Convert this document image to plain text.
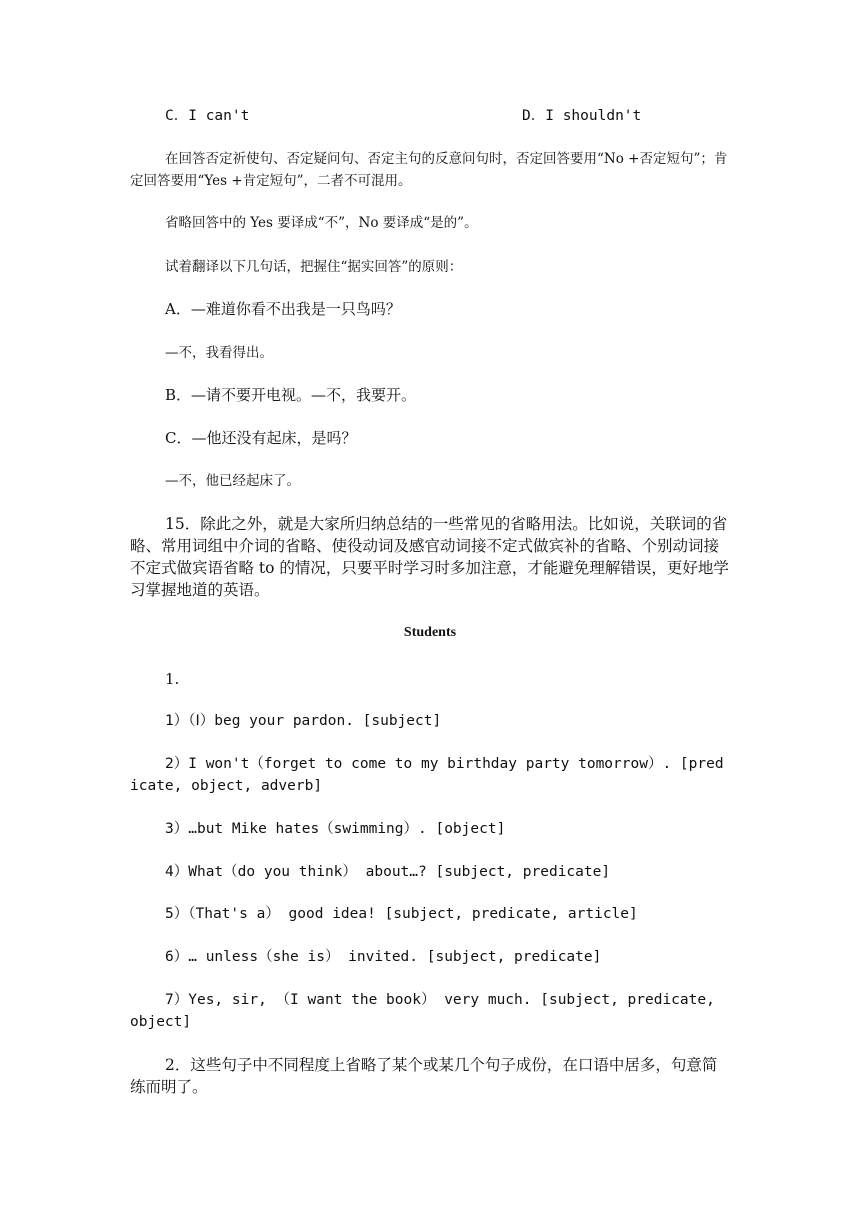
C．I can't	D．I shouldn't
在回答否定祈使句、否定疑问句、否定主句的反意问句时，否定回答要用“No +否定短句”；肯定回答要用“Yes +肯定短句”，二者不可混用。
省略回答中的 Yes 要译成“不”，No 要译成“是的”。
试着翻译以下几句话，把握住“据实回答”的原则：
A．—难道你看不出我是一只鸟吗？
—不，我看得出。
B．—请不要开电视。—不，我要开。
C．—他还没有起床，是吗？
—不，他已经起床了。
15．除此之外，就是大家所归纳总结的一些常见的省略用法。比如说，关联词的省略、常用词组中介词的省略、使役动词及感官动词接不定式做宾补的省略、个别动词接不定式做宾语省略 to 的情况，只要平时学习时多加注意，才能避免理解错误，更好地学习掌握地道的英语。
Students
1.
1）（Ⅰ）beg your pardon. [subject]
2）I won't（forget to come to my birthday party tomorrow）. [predicate, object, adverb]
3）…but Mike hates（swimming）. [object]
4）What（do you think） about…? [subject, predicate]
5）（That's a） good idea! [subject, predicate, article]
6）… unless（she is） invited. [subject, predicate]
7）Yes, sir, （I want the book） very much. [subject, predicate, object]
2．这些句子中不同程度上省略了某个或某几个句子成份，在口语中居多，句意简练而明了。
